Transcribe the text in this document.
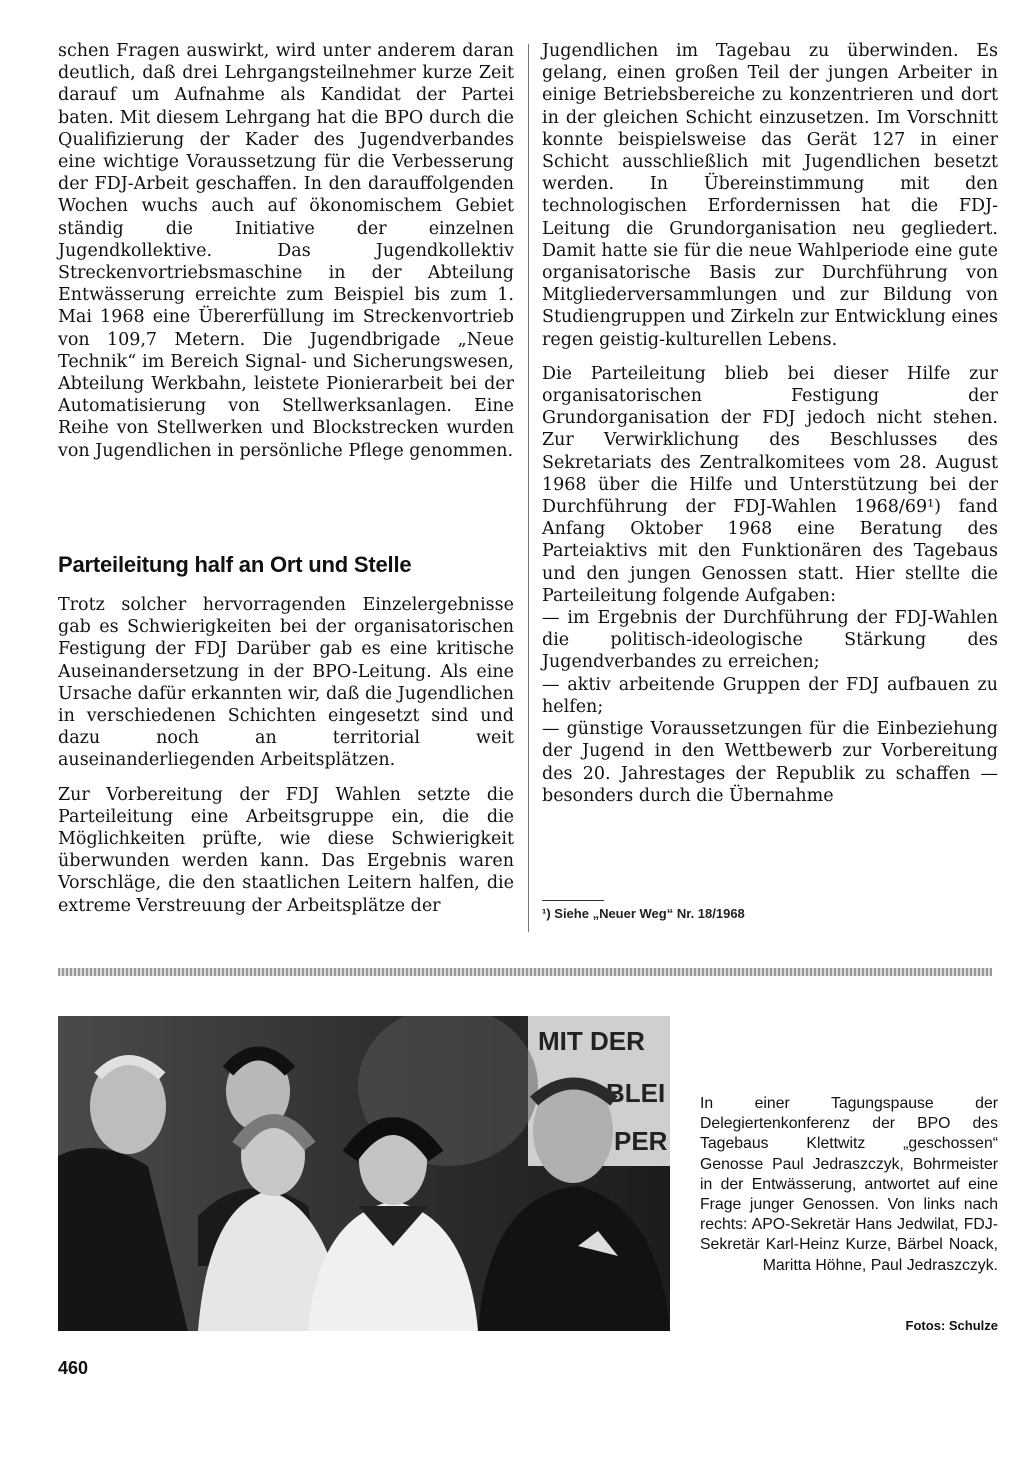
schen Fragen auswirkt, wird unter anderem daran deutlich, daß drei Lehrgangsteilnehmer kurze Zeit darauf um Aufnahme als Kandidat der Partei baten. Mit diesem Lehrgang hat die BPO durch die Qualifizierung der Kader des Jugendverbandes eine wichtige Voraussetzung für die Verbesserung der FDJ-Arbeit geschaffen. In den darauffolgenden Wochen wuchs auch auf ökonomischem Gebiet ständig die Initiative der einzelnen Jugendkollektive. Das Jugendkollektiv Streckenvortriebsmaschine in der Abteilung Entwässerung erreichte zum Beispiel bis zum 1. Mai 1968 eine Übererfüllung im Streckenvortrieb von 109,7 Metern. Die Jugendbrigade „Neue Technik“ im Bereich Signal- und Sicherungswesen, Abteilung Werkbahn, leistete Pionierarbeit bei der Automatisierung von Stellwerksanlagen. Eine Reihe von Stellwerken und Blockstrecken wurden von Jugendlichen in persönliche Pflege genommen.

Parteileitung half an Ort und Stelle

Trotz solcher hervorragenden Einzelergebnisse gab es Schwierigkeiten bei der organisatorischen Festigung der FDJ Darüber gab es eine kritische Auseinandersetzung in der BPO-Leitung. Als eine Ursache dafür erkannten wir, daß die Jugendlichen in verschiedenen Schichten eingesetzt sind und dazu noch an territorial weit auseinanderliegenden Arbeitsplätzen.

Zur Vorbereitung der FDJ Wahlen setzte die Parteileitung eine Arbeitsgruppe ein, die die Möglichkeiten prüfte, wie diese Schwierigkeit überwunden werden kann. Das Ergebnis waren Vorschläge, die den staatlichen Leitern halfen, die extreme Verstreuung der Arbeitsplätze der

Jugendlichen im Tagebau zu überwinden. Es gelang, einen großen Teil der jungen Arbeiter in einige Betriebsbereiche zu konzentrieren und dort in der gleichen Schicht einzusetzen. Im Vorschnitt konnte beispielsweise das Gerät 127 in einer Schicht ausschließlich mit Jugendlichen besetzt werden. In Übereinstimmung mit den technologischen Erfordernissen hat die FDJ-Leitung die Grundorganisation neu gegliedert. Damit hatte sie für die neue Wahlperiode eine gute organisatorische Basis zur Durchführung von Mitgliederversammlungen und zur Bildung von Studiengruppen und Zirkeln zur Entwicklung eines regen geistig-kulturellen Lebens.

Die Parteileitung blieb bei dieser Hilfe zur organisatorischen Festigung der Grundorganisation der FDJ jedoch nicht stehen. Zur Verwirklichung des Beschlusses des Sekretariats des Zentralkomitees vom 28. August 1968 über die Hilfe und Unterstützung bei der Durchführung der FDJ-Wahlen 1968/69¹) fand Anfang Oktober 1968 eine Beratung des Parteiaktivs mit den Funktionären des Tagebaus und den jungen Genossen statt. Hier stellte die Parteileitung folgende Aufgaben:

— im Ergebnis der Durchführung der FDJ-Wahlen die politisch-ideologische Stärkung des Jugendverbandes zu erreichen;

— aktiv arbeitende Gruppen der FDJ aufbauen zu helfen;

— günstige Voraussetzungen für die Einbeziehung der Jugend in den Wettbewerb zur Vorbereitung des 20. Jahrestages der Republik zu schaffen — besonders durch die Übernahme

¹) Siehe „Neuer Weg“ Nr. 18/1968

MIT DER
BLEI
PER

In einer Tagungspause der Delegiertenkonferenz der BPO des Tagebaus Klettwitz „geschossen“ Genosse Paul Jedraszczyk, Bohrmeister in der Entwässerung, antwortet auf eine Frage junger Genossen. Von links nach rechts: APO-Sekretär Hans Jedwilat, FDJ-Sekretär Karl-Heinz Kurze, Bärbel Noack, Maritta Höhne, Paul Jedraszczyk.

Fotos: Schulze

460
